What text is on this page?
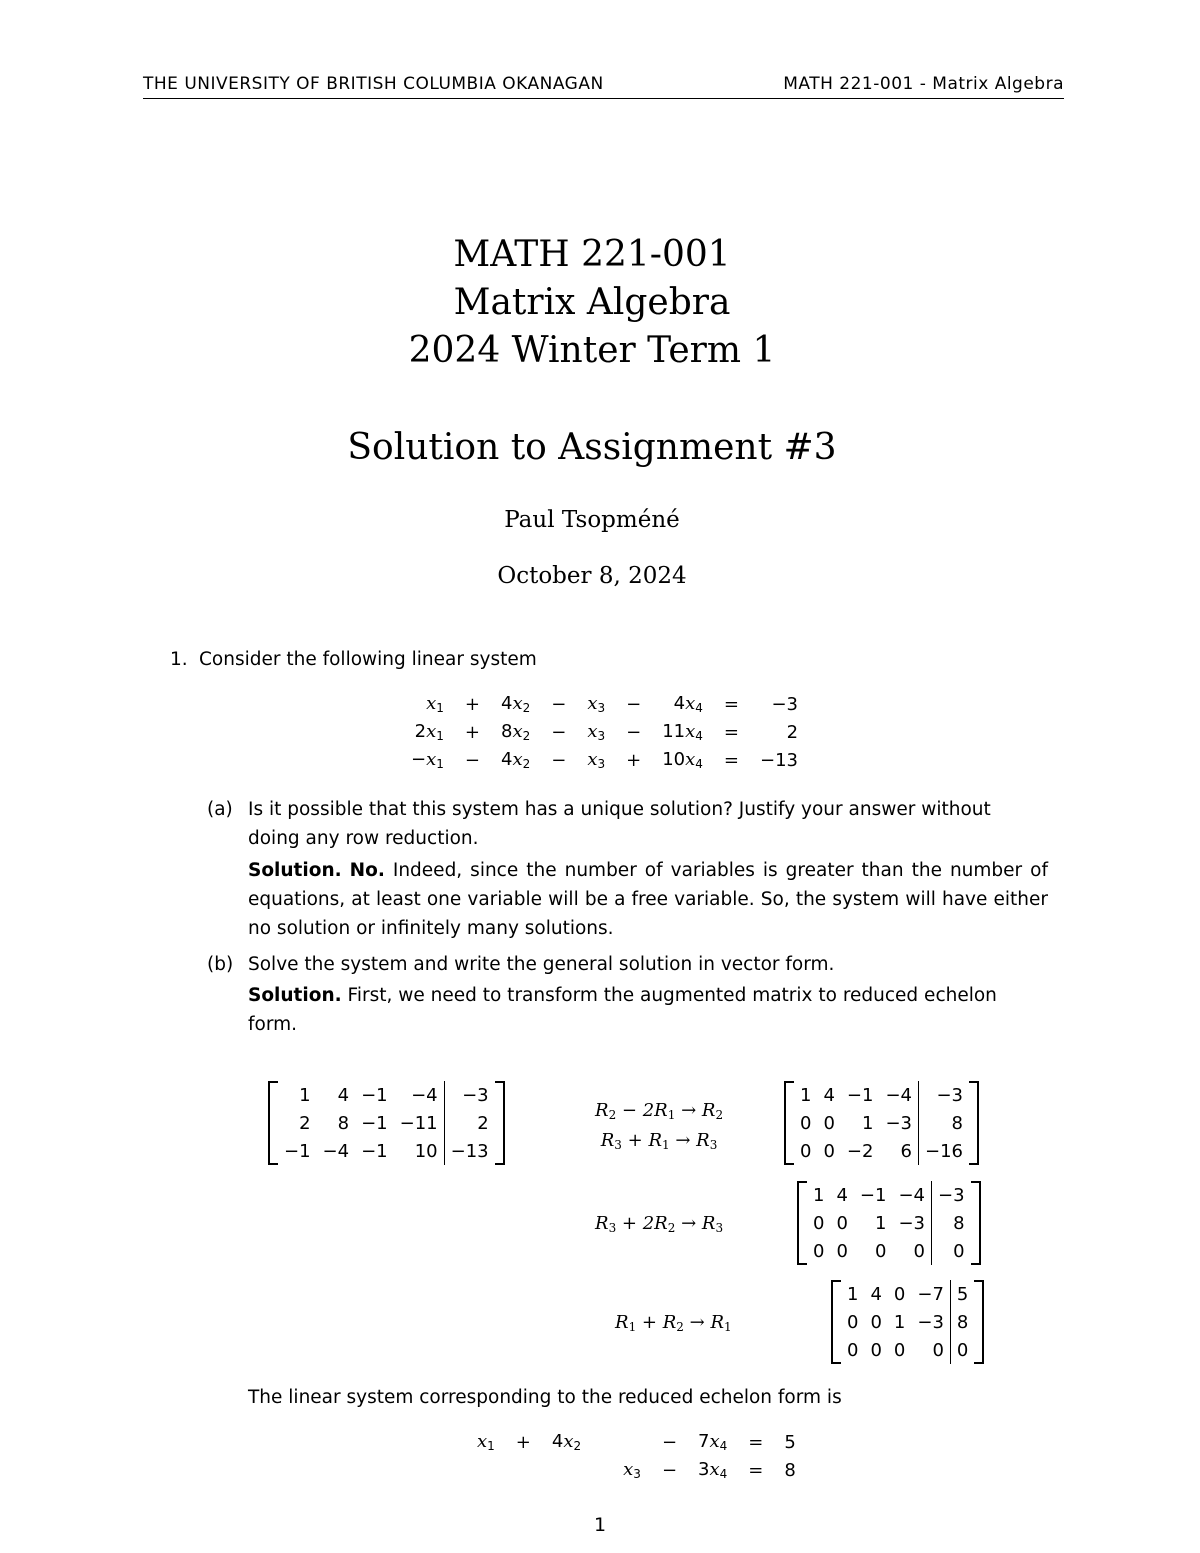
THE UNIVERSITY OF BRITISH COLUMBIA OKANAGAN	MATH 221-001 - Matrix Algebra
MATH 221-001
Matrix Algebra
2024 Winter Term 1
Solution to Assignment #3
Paul Tsopméné
October 8, 2024
1. Consider the following linear system
$x_1$	+	$4x_2$	−	$x_3$	−	$4x_4$	=	−3
$2x_1$	+	$8x_2$	−	$x_3$	−	$11x_4$	=	2
$-x_1$	−	$4x_2$	−	$x_3$	+	$10x_4$	=	−13
(a) Is it possible that this system has a unique solution? Justify your answer without doing any row reduction.
Solution. No. Indeed, since the number of variables is greater than the number of equations, at least one variable will be a free variable. So, the system will have either no solution or infinitely many solutions.
(b) Solve the system and write the general solution in vector form.
Solution. First, we need to transform the augmented matrix to reduced echelon form.
1	4	−1	−4	−3
2	8	−1	−11	2
−1	−4	−1	10	−13
$R_2 - 2R_1 \to R_2$
$R_3 + R_1 \to R_3$
1	4	−1	−4	−3
0	0	1	−3	8
0	0	−2	6	−16
$R_3 + 2R_2 \to R_3$
1	4	−1	−4	−3
0	0	1	−3	8
0	0	0	0	0
$R_1 + R_2 \to R_1$
1	4	0	−7	5
0	0	1	−3	8
0	0	0	0	0
The linear system corresponding to the reduced echelon form is
$x_1$	+	$4x_2$			−	$7x_4$	=	5
				$x_3$	−	$3x_4$	=	8
1
